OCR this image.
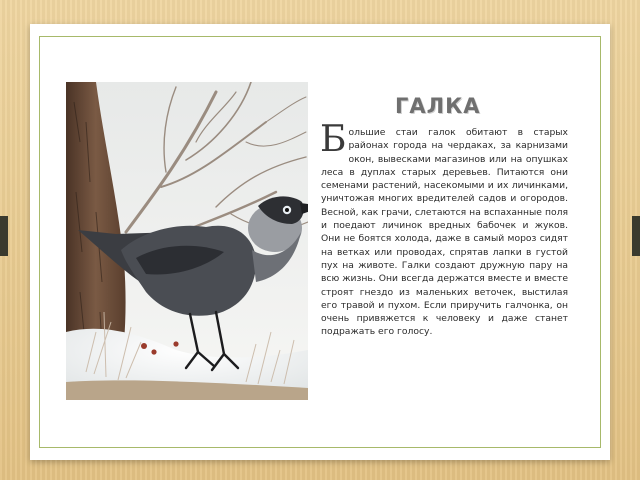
ГАЛКА

Большие стаи галок обитают в старых районах города на чердаках, за карнизами окон, вывесками магазинов или на опушках леса в дуплах старых деревьев. Питаются они семенами растений, насекомыми и их личинками, уничтожая многих вредителей садов и огородов. Весной, как грачи, слетаются на вспаханные поля и поедают личинок вредных бабочек и жуков. Они не боятся холода, даже в самый мороз сидят на ветках или проводах, спрятав лапки в густой пух на животе. Галки создают дружную пару на всю жизнь. Они всегда держатся вместе и вместе строят гнездо из маленьких веточек, выстилая его травой и пухом. Если приручить галчонка, он очень привяжется к человеку и даже станет подражать его голосу.
